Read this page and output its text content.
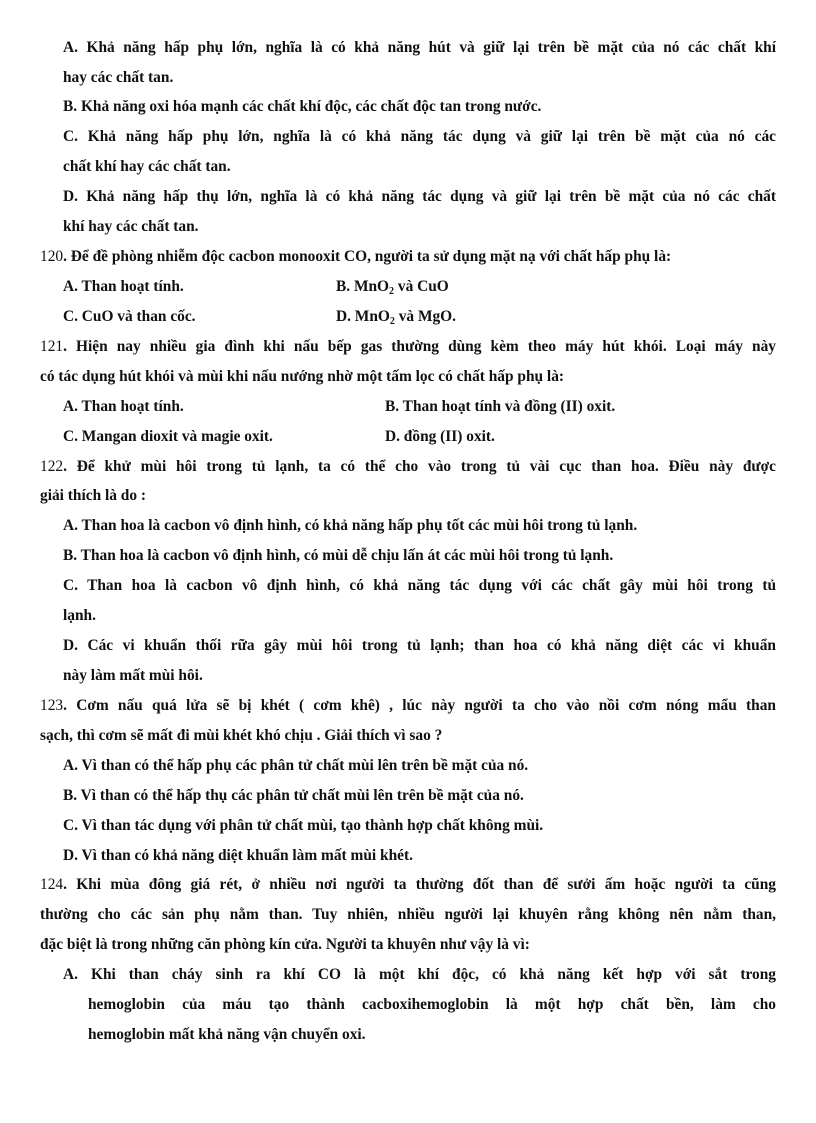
A. Khả năng hấp phụ lớn, nghĩa là có khả năng hút và giữ lại trên bề mặt của nó các chất khí
hay các chất tan.
B. Khả năng oxi hóa mạnh các chất khí độc, các chất độc tan trong nước.
C. Khả năng hấp phụ lớn, nghĩa là có khả năng tác dụng và giữ lại trên bề mặt của nó các
chất khí hay các chất tan.
D. Khả năng hấp thụ lớn, nghĩa là có khả năng tác dụng và giữ lại trên bề mặt của nó các chất
khí hay các chất tan.
120. Để đề phòng nhiễm độc cacbon monooxit CO, người ta sử dụng mặt nạ với chất hấp phụ là:
A. Than hoạt tính.	B. MnO$_2$ và CuO
C. CuO và than cốc.	D. MnO$_2$ và MgO.
121. Hiện nay nhiều gia đình khi nấu bếp gas thường dùng kèm theo máy hút khói. Loại máy này
có tác dụng hút khói và mùi khi nấu nướng nhờ một tấm lọc có chất hấp phụ là:
A. Than hoạt tính.	B. Than hoạt tính và đồng (II) oxit.
C. Mangan dioxit và magie oxit.	D. đồng (II) oxit.
122. Để khử mùi hôi trong tủ lạnh, ta có thể cho vào trong tủ vài cục than hoa. Điều này được
giải thích là do :
A. Than hoa là cacbon vô định hình, có khả năng hấp phụ tốt các mùi hôi trong tủ lạnh.
B. Than hoa là cacbon vô định hình, có mùi dễ chịu lấn át các mùi hôi trong tủ lạnh.
C. Than hoa là cacbon vô định hình, có khả năng tác dụng với các chất gây mùi hôi trong tủ
lạnh.
D. Các vi khuẩn thối rữa gây mùi hôi trong tủ lạnh; than hoa có khả năng diệt các vi khuẩn
này làm mất mùi hôi.
123. Cơm nấu quá lửa sẽ bị khét ( cơm khê) , lúc này người ta cho vào nồi cơm nóng mẩu than
sạch, thì cơm sẽ mất đi mùi khét khó chịu . Giải thích vì sao ?
A. Vì than có thể hấp phụ các phân tử chất mùi lên trên bề mặt của nó.
B. Vì than có thể hấp thụ các phân tử chất mùi lên trên bề mặt của nó.
C. Vì than tác dụng với phân tử chất mùi, tạo thành hợp chất không mùi.
D. Vì than có khả năng diệt khuẩn làm mất mùi khét.
124. Khi mùa đông giá rét, ở nhiều nơi người ta thường đốt than để sưởi ấm hoặc người ta cũng
thường cho các sản phụ nằm than. Tuy nhiên, nhiều người lại khuyên rằng không nên nằm than,
đặc biệt là trong những căn phòng kín cửa. Người ta khuyên như vậy là vì:
A. Khi than cháy sinh ra khí CO là một khí độc, có khả năng kết hợp với sắt trong
hemoglobin của máu tạo thành cacboxihemoglobin là một hợp chất bền, làm cho
hemoglobin mất khả năng vận chuyển oxi.
